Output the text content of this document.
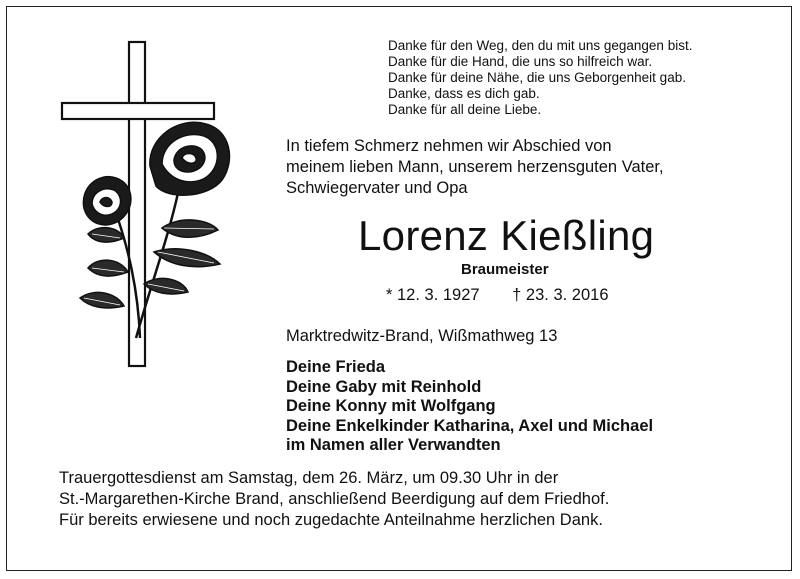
Danke für den Weg, den du mit uns gegangen bist.
Danke für die Hand, die uns so hilfreich war.
Danke für deine Nähe, die uns Geborgenheit gab.
Danke, dass es dich gab.
Danke für all deine Liebe.
In tiefem Schmerz nehmen wir Abschied von
meinem lieben Mann, unserem herzensguten Vater,
Schwiegervater und Opa
Lorenz Kießling
Braumeister
* 12. 3. 1927 † 23. 3. 2016
Marktredwitz-Brand, Wißmathweg 13
Deine Frieda
Deine Gaby mit Reinhold
Deine Konny mit Wolfgang
Deine Enkelkinder Katharina, Axel und Michael
im Namen aller Verwandten
Trauergottesdienst am Samstag, dem 26. März, um 09.30 Uhr in der
St.-Margarethen-Kirche Brand, anschließend Beerdigung auf dem Friedhof.
Für bereits erwiesene und noch zugedachte Anteilnahme herzlichen Dank.
